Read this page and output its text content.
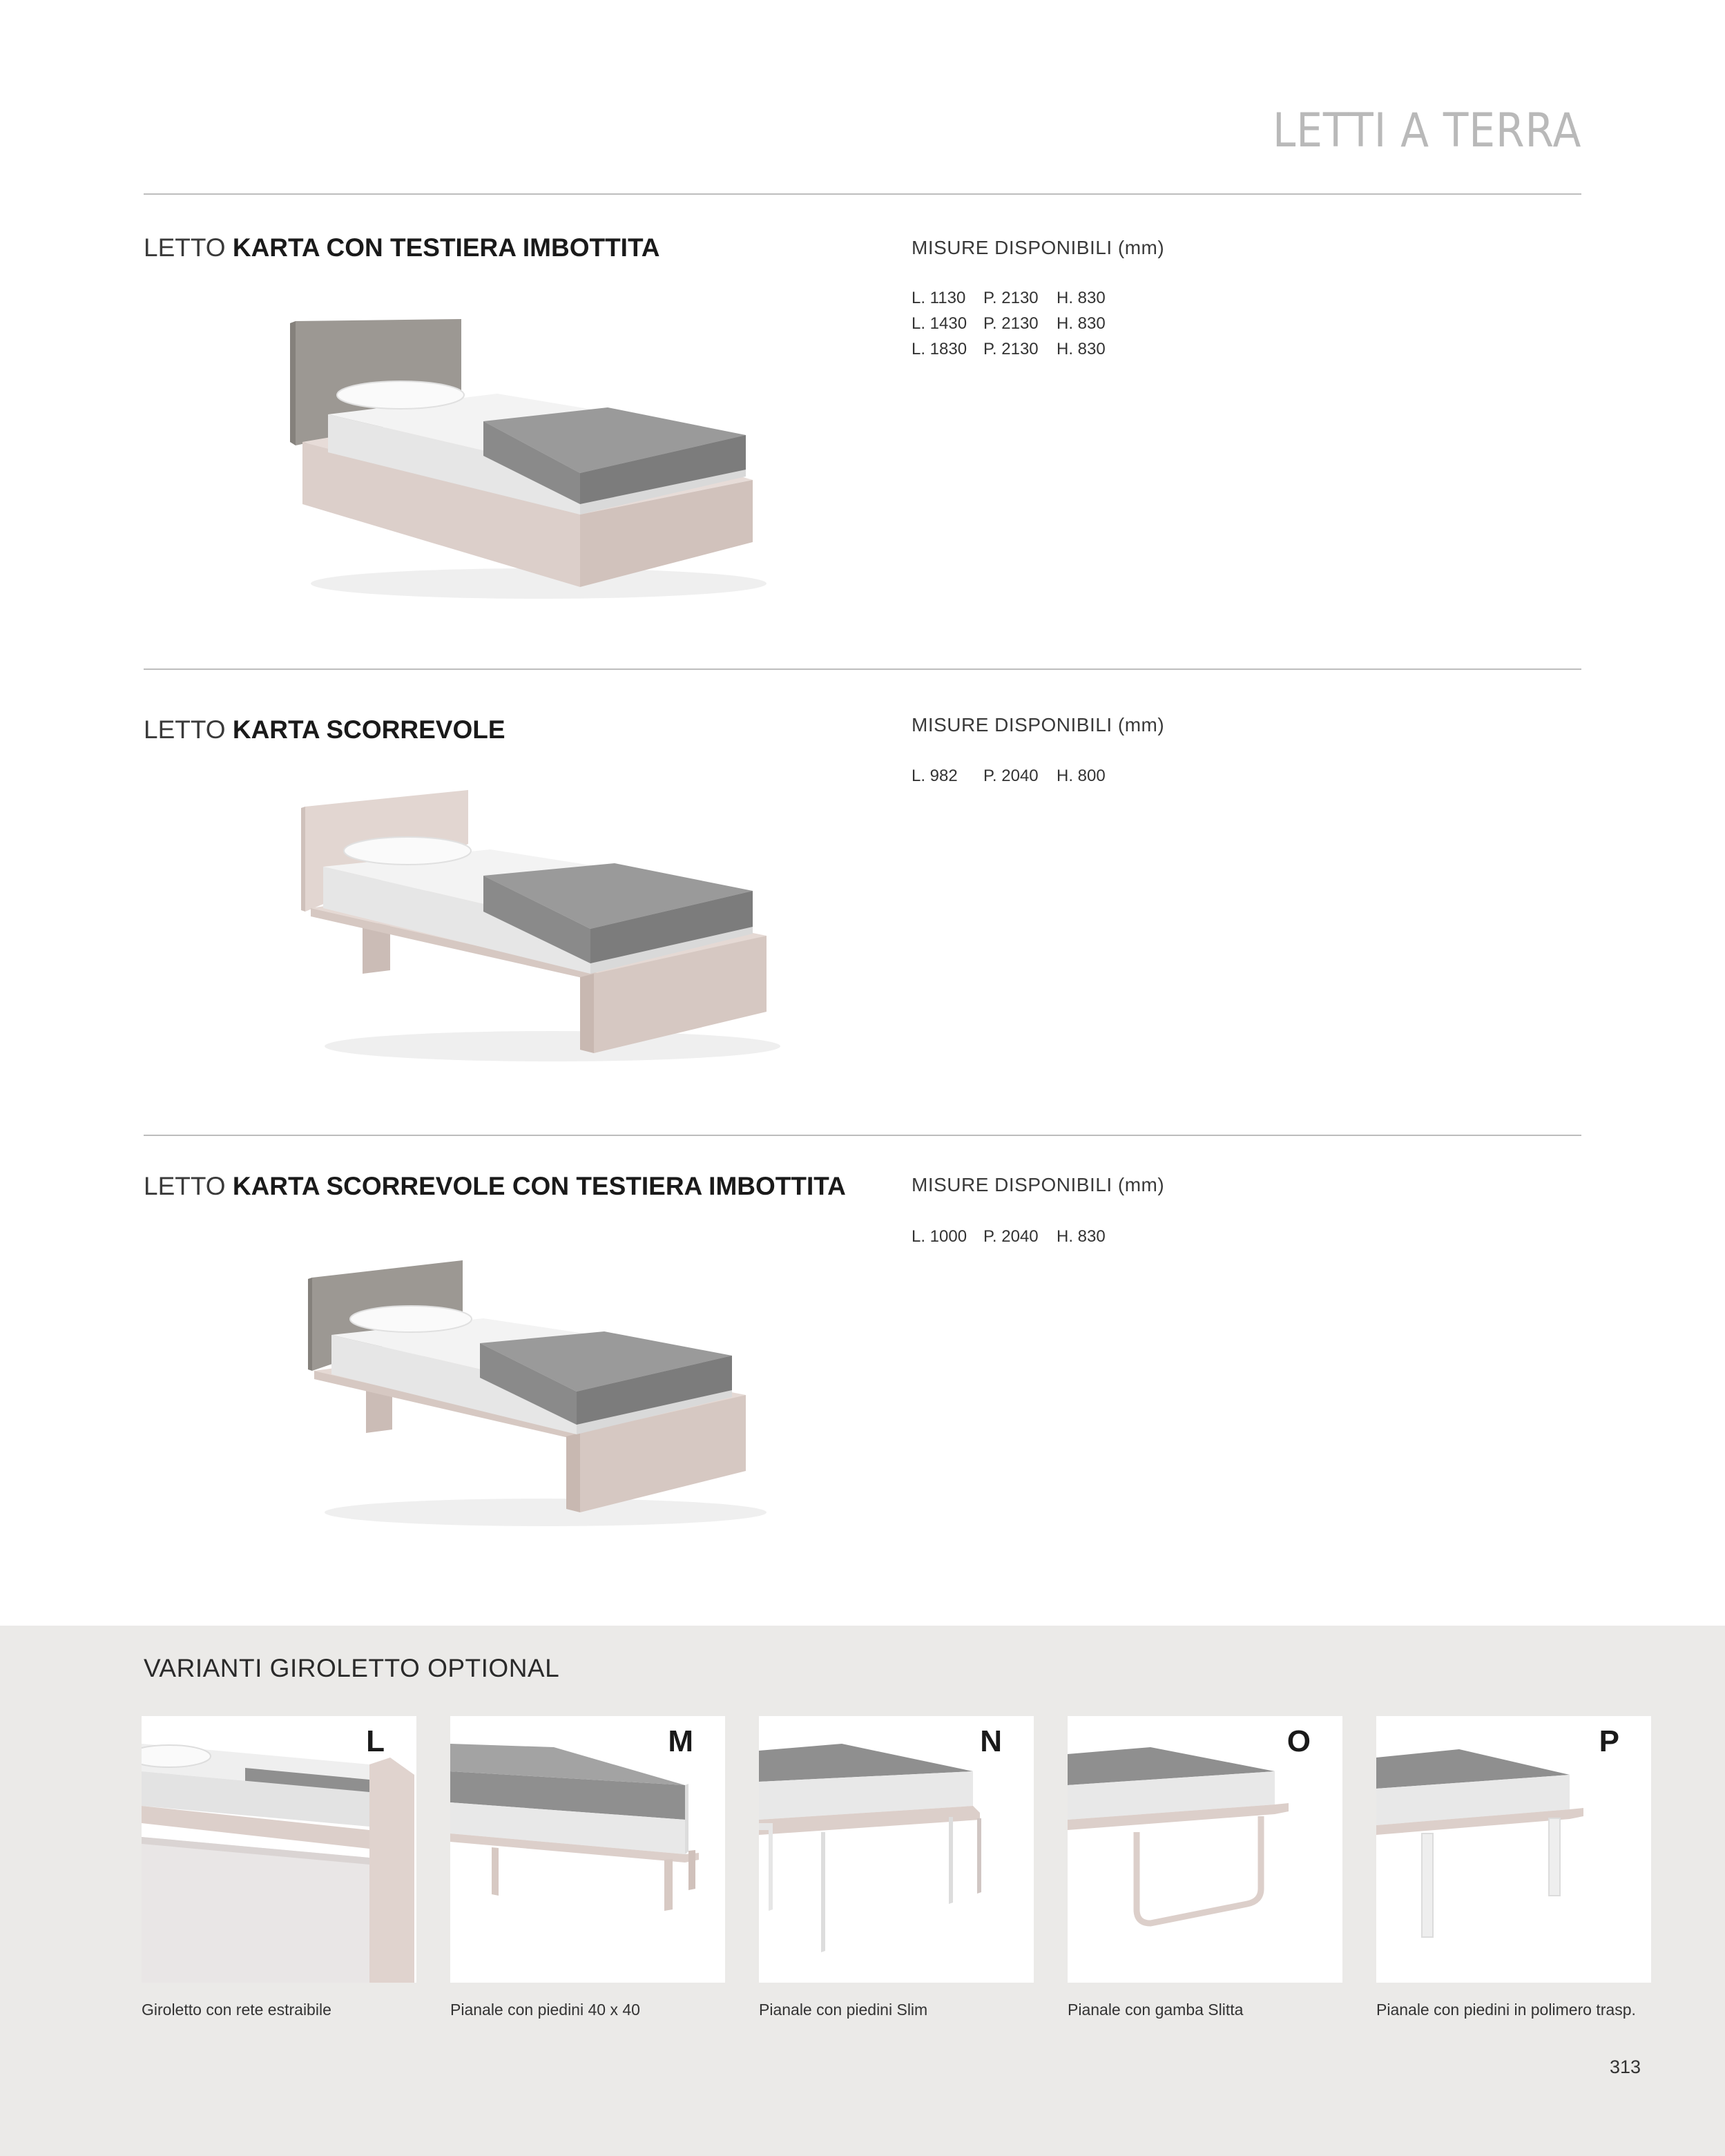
LETTI A TERRA
LETTO KARTA CON TESTIERA IMBOTTITA	MISURE DISPONIBILI (mm)
L. 1130 P. 2130 H. 830
L. 1430 P. 2130 H. 830
L. 1830 P. 2130 H. 830
LETTO KARTA SCORREVOLE	MISURE DISPONIBILI (mm)
L. 982 P. 2040 H. 800
LETTO KARTA SCORREVOLE CON TESTIERA IMBOTTITA	MISURE DISPONIBILI (mm)
L. 1000 P. 2040 H. 830
VARIANTI GIROLETTO OPTIONAL
L
Giroletto con rete estraibile
M
Pianale con piedini 40 x 40
N
Pianale con piedini Slim
O
Pianale con gamba Slitta
P
Pianale con piedini in polimero trasp.
313
